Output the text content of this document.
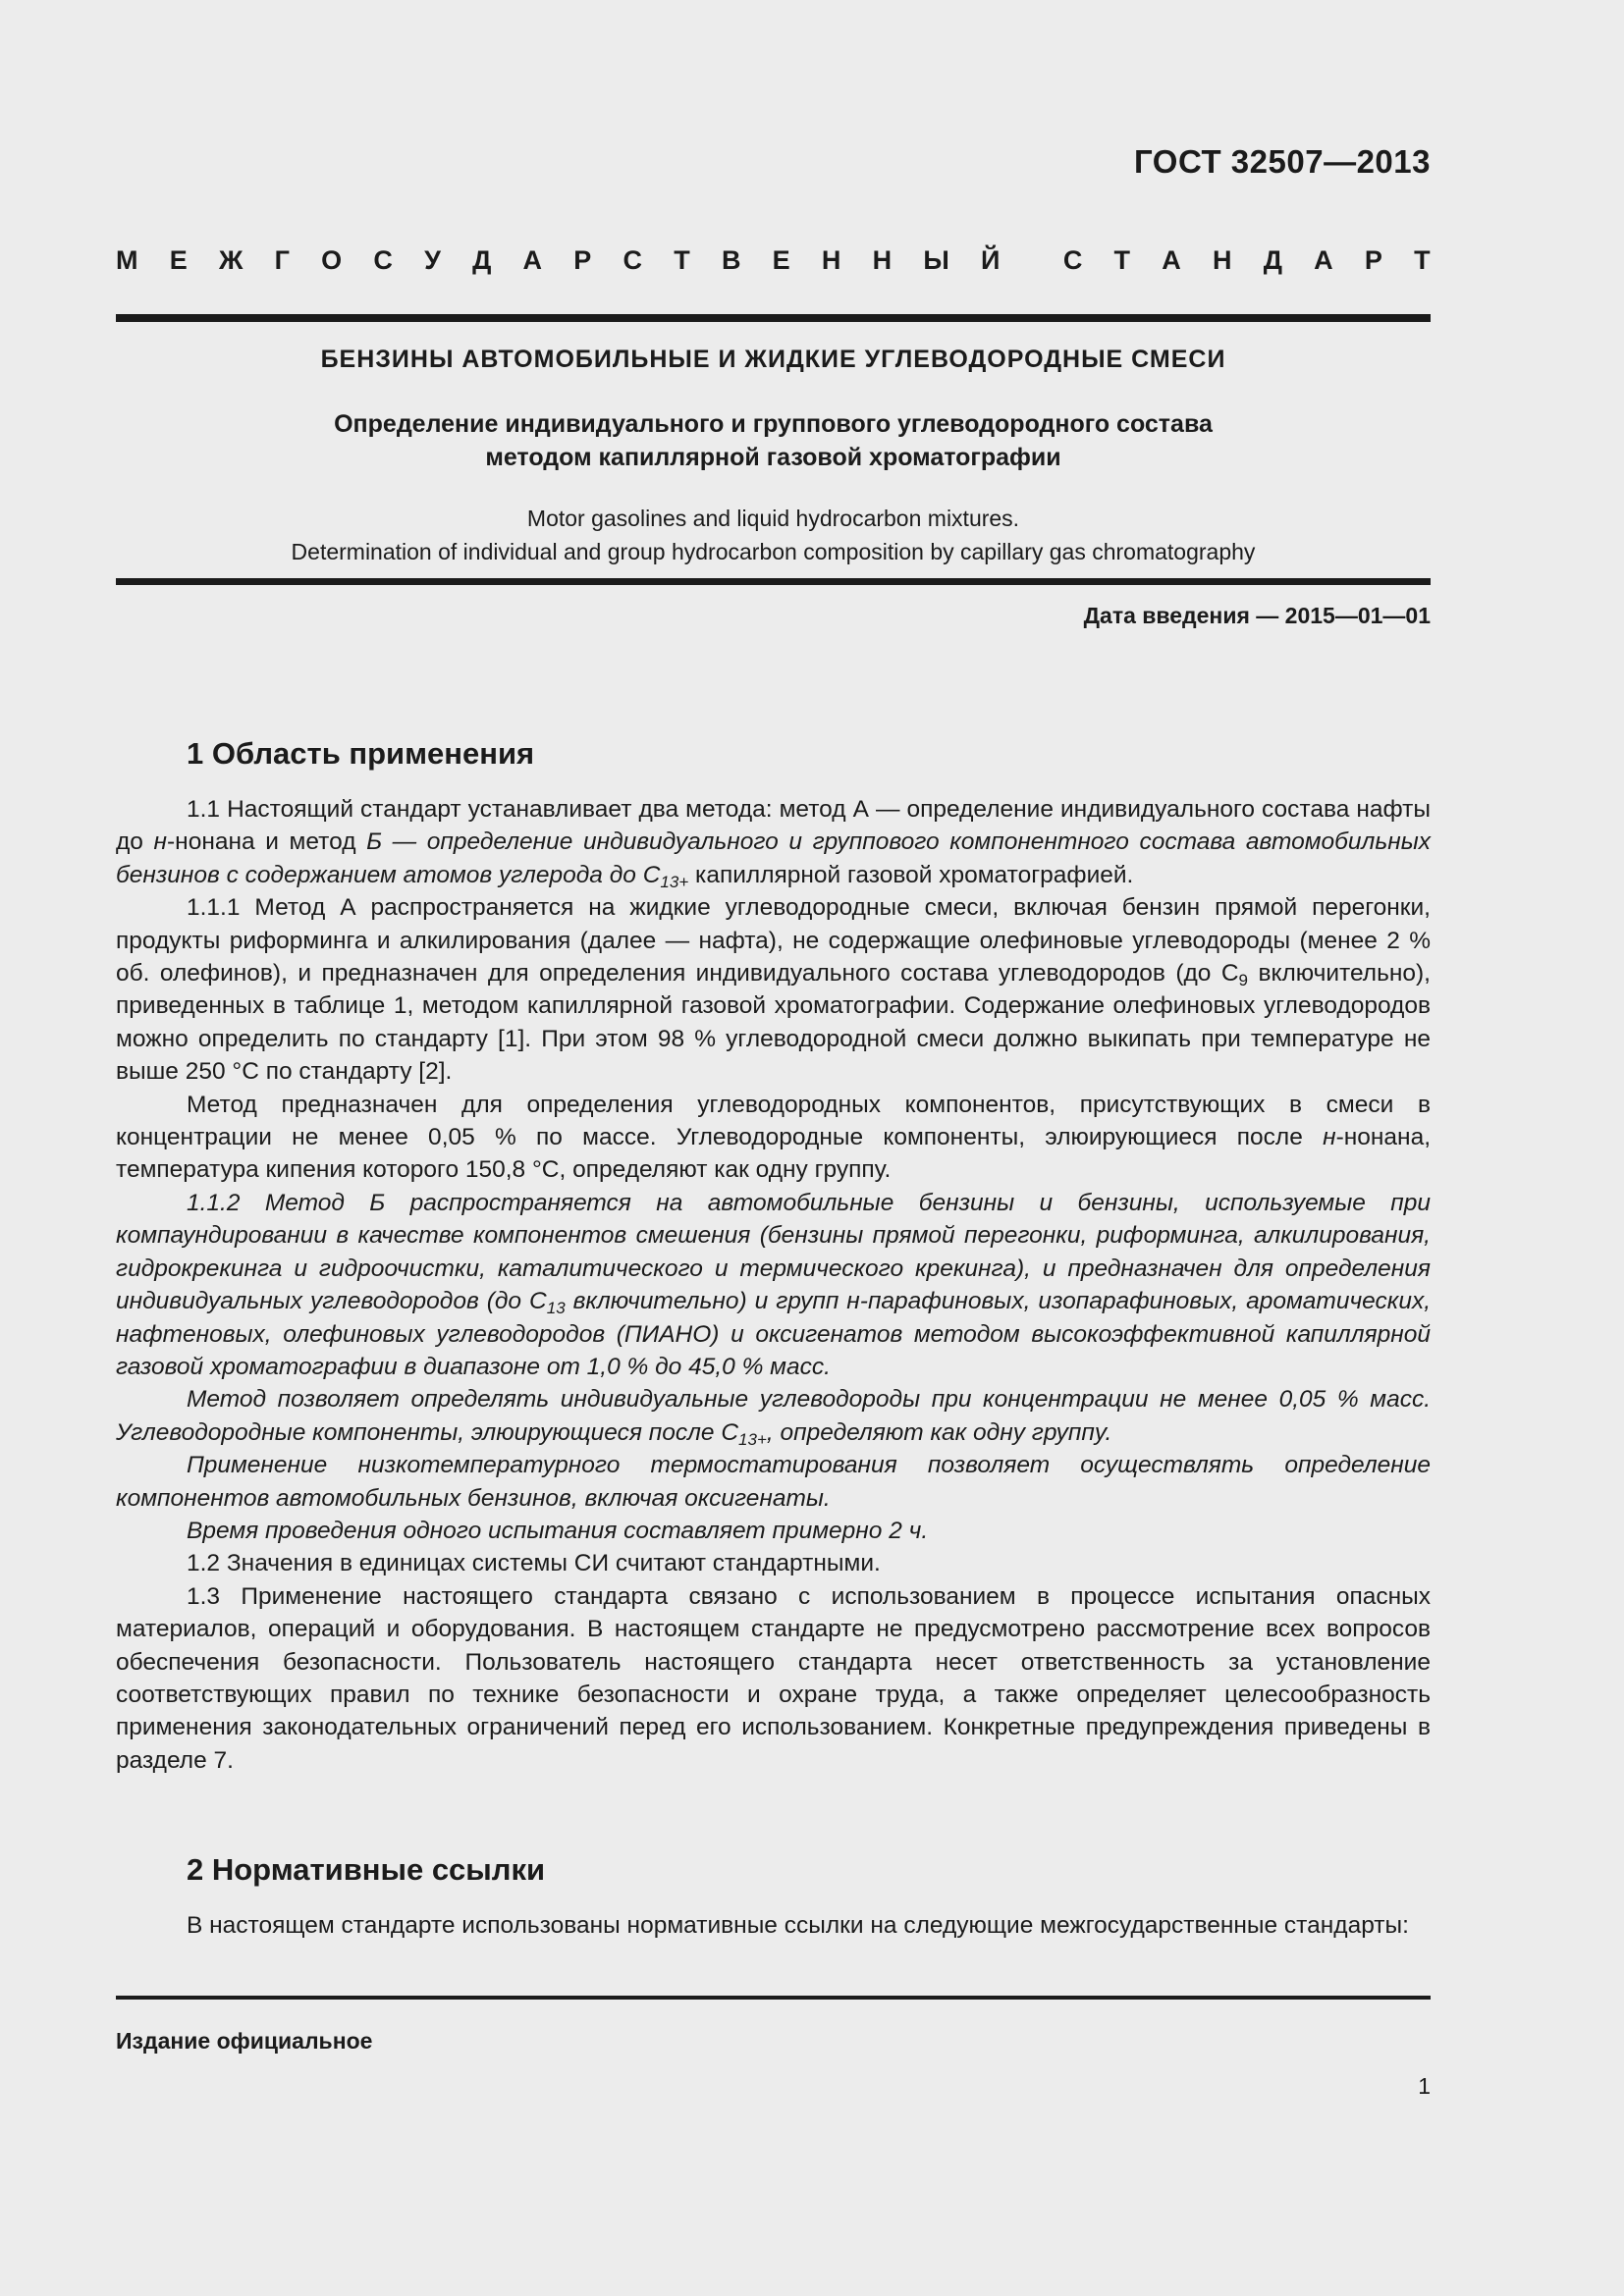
ГОСТ 32507—2013
М Е Ж Г О С У Д А Р С Т В Е Н Н Ы Й С Т А Н Д А Р Т
БЕНЗИНЫ АВТОМОБИЛЬНЫЕ И ЖИДКИЕ УГЛЕВОДОРОДНЫЕ СМЕСИ
Определение индивидуального и группового углеводородного состава
методом капиллярной газовой хроматографии
Motor gasolines and liquid hydrocarbon mixtures.
Determination of individual and group hydrocarbon composition by capillary gas chromatography
Дата введения — 2015—01—01
1 Область применения

1.1 Настоящий стандарт устанавливает два метода: метод А — определение индивидуального состава нафты до н-нонана и метод Б — определение индивидуального и группового компонентного состава автомобильных бензинов с содержанием атомов углерода до $С_{13+}$ капиллярной газовой хроматографией.

1.1.1 Метод А распространяется на жидкие углеводородные смеси, включая бензин прямой перегонки, продукты риформинга и алкилирования (далее — нафта), не содержащие олефиновые углеводороды (менее 2 % об. олефинов), и предназначен для определения индивидуального состава углеводородов (до $С_9$ включительно), приведенных в таблице 1, методом капиллярной газовой хроматографии. Содержание олефиновых углеводородов можно определить по стандарту [1]. При этом 98 % углеводородной смеси должно выкипать при температуре не выше 250 °С по стандарту [2].

Метод предназначен для определения углеводородных компонентов, присутствующих в смеси в концентрации не менее 0,05 % по массе. Углеводородные компоненты, элюирующиеся после н-нонана, температура кипения которого 150,8 °С, определяют как одну группу.

1.1.2 Метод Б распространяется на автомобильные бензины и бензины, используемые при компаундировании в качестве компонентов смешения (бензины прямой перегонки, риформинга, алкилирования, гидрокрекинга и гидроочистки, каталитического и термического крекинга), и предназначен для определения индивидуальных углеводородов (до $С_{13}$ включительно) и групп н-парафиновых, изопарафиновых, ароматических, нафтеновых, олефиновых углеводородов (ПИАНО) и оксигенатов методом высокоэффективной капиллярной газовой хроматографии в диапазоне от 1,0 % до 45,0 % масс.

Метод позволяет определять индивидуальные углеводороды при концентрации не менее 0,05 % масс. Углеводородные компоненты, элюирующиеся после $С_{13+}$, определяют как одну группу.

Применение низкотемпературного термостатирования позволяет осуществлять определение компонентов автомобильных бензинов, включая оксигенаты.

Время проведения одного испытания составляет примерно 2 ч.

1.2 Значения в единицах системы СИ считают стандартными.

1.3 Применение настоящего стандарта связано с использованием в процессе испытания опасных материалов, операций и оборудования. В настоящем стандарте не предусмотрено рассмотрение всех вопросов обеспечения безопасности. Пользователь настоящего стандарта несет ответственность за установление соответствующих правил по технике безопасности и охране труда, а также определяет целесообразность применения законодательных ограничений перед его использованием. Конкретные предупреждения приведены в разделе 7.

2 Нормативные ссылки

В настоящем стандарте использованы нормативные ссылки на следующие межгосударственные стандарты:

Издание официальное
1
